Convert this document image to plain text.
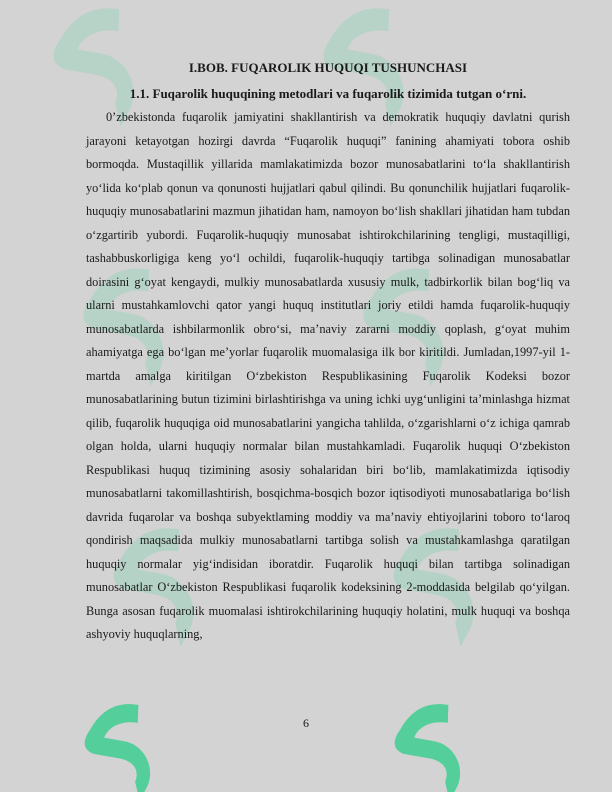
I.BOB. FUQAROLIK HUQUQI TUSHUNCHASI
1.1. Fuqarolik huquqining metodlari va fuqarolik tizimida tutgan oʻrni.

0’zbekistonda fuqarolik jamiyatini shakllantirish va demokratik huquqiy davlatni qurish jarayoni ketayotgan hozirgi davrda “Fuqarolik huquqi” fanining ahamiyati tobora oshib bormoqda. Mustaqillik yillarida mamlakatimizda bozor munosabatlarini toʻla shakllantirish yoʻlida koʻplab qonun va qonunosti hujjatlari qabul qilindi. Bu qonunchilik hujjatlari fuqarolik-huquqiy munosabatlarini mazmun jihatidan ham, namoyon boʻlish shakllari jihatidan ham tubdan oʻzgartirib yubordi. Fuqarolik-huquqiy munosabat ishtirokchilarining tengligi, mustaqilligi, tashabbuskorligiga keng yoʻl ochildi, fuqarolik-huquqiy tartibga solinadigan munosabatlar doirasini gʻoyat kengaydi, mulkiy munosabatlarda xususiy mulk, tadbirkorlik bilan bogʻliq va ularni mustahkamlovchi qator yangi huquq institutlari joriy etildi hamda fuqarolik-huquqiy munosabatlarda ishbilarmonlik obroʻsi, maʼnaviy zararni moddiy qoplash, gʻoyat muhim ahamiyatga ega boʻlgan meʼyorlar fuqarolik muomalasiga ilk bor kiritildi. Jumladan,1997-yil 1-martda amalga kiritilgan Oʻzbekiston Respublikasining Fuqarolik Kodeksi bozor munosabatlarining butun tizimini birlashtirishga va uning ichki uygʻunligini taʼminlashga hizmat qilib, fuqarolik huquqiga oid munosabatlarini yangicha tahlilda, oʻzgarishlarni oʻz ichiga qamrab olgan holda, ularni huquqiy normalar bilan mustahkamladi. Fuqarolik huquqi Oʻzbekiston Respublikasi huquq tizimining asosiy sohalaridan biri boʻlib, mamlakatimizda iqtisodiy munosabatlarni takomillashtirish, bosqichma-bosqich bozor iqtisodiyoti munosabatlariga boʻlish davrida fuqarolar va boshqa subyektlaming moddiy va maʼnaviy ehtiyojlarini toboro toʻlaroq qondirish maqsadida mulkiy munosabatlarni tartibga solish va mustahkamlashga qaratilgan huquqiy normalar yigʻindisidan iboratdir. Fuqarolik huquqi bilan tartibga solinadigan munosabatlar Oʻzbekiston Respublikasi fuqarolik kodeksining 2-moddasida belgilab qoʻyilgan. Bunga asosan fuqarolik muomalasi ishtirokchilarining huquqiy holatini, mulk huquqi va boshqa ashyoviy huquqlarning,

6
